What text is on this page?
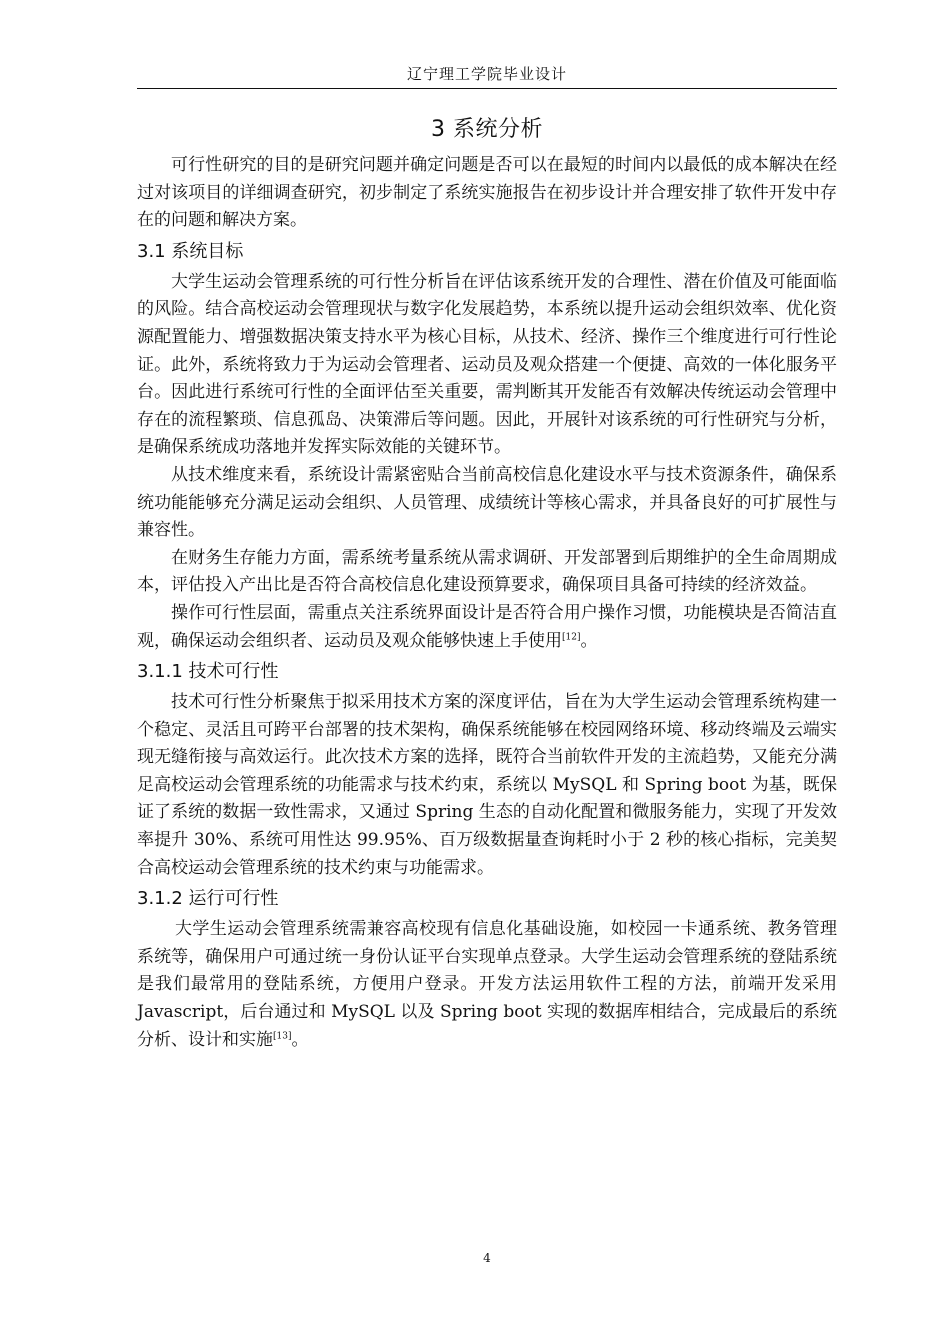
辽宁理工学院毕业设计
3 系统分析

可行性研究的目的是研究问题并确定问题是否可以在最短的时间内以最低的成本解决在经过对该项目的详细调查研究，初步制定了系统实施报告在初步设计并合理安排了软件开发中存在的问题和解决方案。

3.1 系统目标

大学生运动会管理系统的可行性分析旨在评估该系统开发的合理性、潜在价值及可能面临的风险。结合高校运动会管理现状与数字化发展趋势，本系统以提升运动会组织效率、优化资源配置能力、增强数据决策支持水平为核心目标，从技术、经济、操作三个维度进行可行性论证。此外，系统将致力于为运动会管理者、运动员及观众搭建一个便捷、高效的一体化服务平台。因此进行系统可行性的全面评估至关重要，需判断其开发能否有效解决传统运动会管理中存在的流程繁琐、信息孤岛、决策滞后等问题。因此，开展针对该系统的可行性研究与分析，是确保系统成功落地并发挥实际效能的关键环节。

从技术维度来看，系统设计需紧密贴合当前高校信息化建设水平与技术资源条件，确保系统功能能够充分满足运动会组织、人员管理、成绩统计等核心需求，并具备良好的可扩展性与兼容性。

在财务生存能力方面，需系统考量系统从需求调研、开发部署到后期维护的全生命周期成本，评估投入产出比是否符合高校信息化建设预算要求，确保项目具备可持续的经济效益。

操作可行性层面，需重点关注系统界面设计是否符合用户操作习惯，功能模块是否简洁直观，确保运动会组织者、运动员及观众能够快速上手使用[12]。

3.1.1 技术可行性

技术可行性分析聚焦于拟采用技术方案的深度评估，旨在为大学生运动会管理系统构建一个稳定、灵活且可跨平台部署的技术架构，确保系统能够在校园网络环境、移动终端及云端实现无缝衔接与高效运行。此次技术方案的选择，既符合当前软件开发的主流趋势，又能充分满足高校运动会管理系统的功能需求与技术约束，系统以 MySQL 和 Spring boot 为基，既保证了系统的数据一致性需求，又通过 Spring 生态的自动化配置和微服务能力，实现了开发效率提升 30%、系统可用性达 99.95%、百万级数据量查询耗时小于 2 秒的核心指标，完美契合高校运动会管理系统的技术约束与功能需求。

3.1.2 运行可行性

大学生运动会管理系统需兼容高校现有信息化基础设施，如校园一卡通系统、教务管理系统等，确保用户可通过统一身份认证平台实现单点登录。大学生运动会管理系统的登陆系统是我们最常用的登陆系统，方便用户登录。开发方法运用软件工程的方法，前端开发采用 Javascript，后台通过和 MySQL 以及 Spring boot 实现的数据库相结合，完成最后的系统分析、设计和实施[13]。

4
